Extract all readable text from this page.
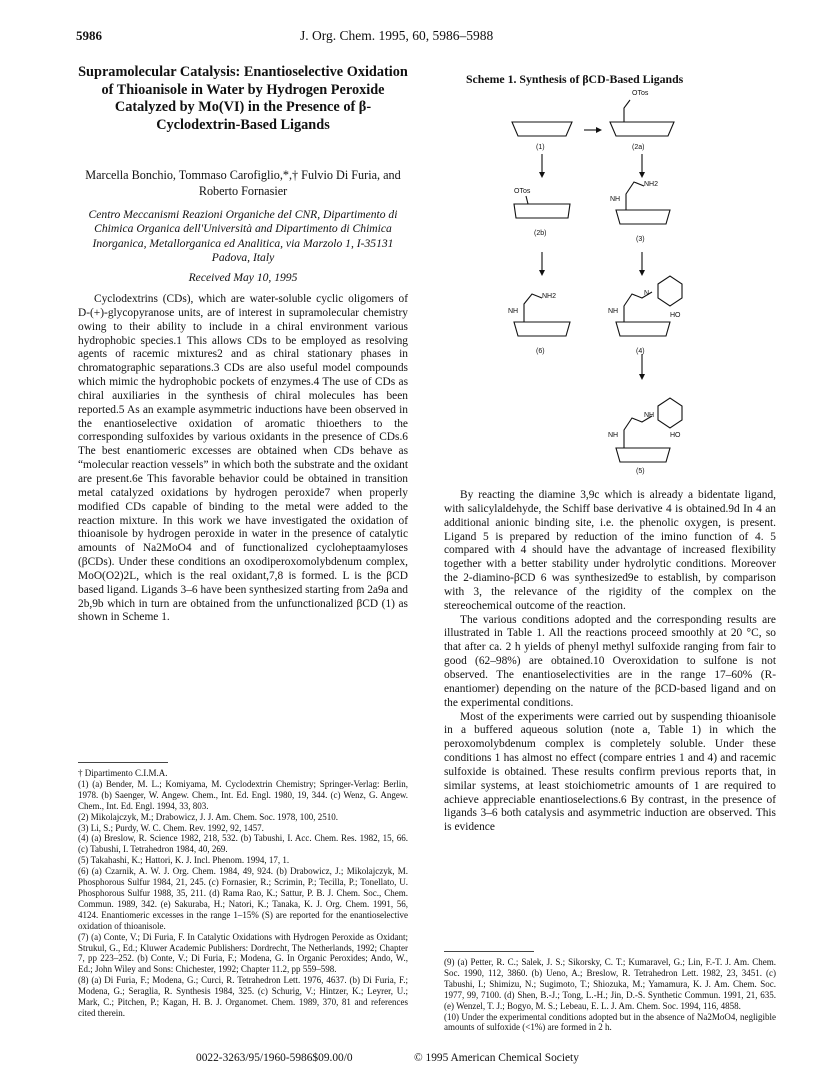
5986	J. Org. Chem. 1995, 60, 5986–5988
Supramolecular Catalysis: Enantioselective Oxidation of Thioanisole in Water by Hydrogen Peroxide Catalyzed by Mo(VI) in the Presence of β-Cyclodextrin-Based Ligands
Marcella Bonchio, Tommaso Carofiglio,*,† Fulvio Di Furia, and Roberto Fornasier
Centro Meccanismi Reazioni Organiche del CNR, Dipartimento di Chimica Organica dell'Università and Dipartimento di Chimica Inorganica, Metallorganica ed Analitica, via Marzolo 1, I-35131 Padova, Italy
Received May 10, 1995
Cyclodextrins (CDs), which are water-soluble cyclic oligomers of D-(+)-glycopyranose units, are of interest in supramolecular chemistry owing to their ability to include in a chiral environment various hydrophobic species.1 This allows CDs to be employed as resolving agents of racemic mixtures2 and as chiral stationary phases in chromatographic separations.3 CDs are also useful model compounds which mimic the hydrophobic pockets of enzymes.4 The use of CDs as chiral auxiliaries in the synthesis of chiral molecules has been reported.5 As an example asymmetric inductions have been observed in the enantioselective oxidation of aromatic thioethers to the corresponding sulfoxides by various oxidants in the presence of CDs.6 The best enantiomeric excesses are obtained when CDs behave as “molecular reaction vessels” in which both the substrate and the oxidant are present.6e This favorable behavior could be obtained in transition metal catalyzed oxidations by hydrogen peroxide7 when properly modified CDs capable of binding to the metal were added to the reaction mixture. In this work we have investigated the oxidation of thioanisole by hydrogen peroxide in water in the presence of catalytic amounts of Na2MoO4 and of functionalized cycloheptaamyloses (βCDs). Under these conditions an oxodiperoxomolybdenum complex, MoO(O2)2L, which is the real oxidant,7,8 is formed. L is the βCD based ligand. Ligands 3–6 have been synthesized starting from 2a9a and 2b,9b which in turn are obtained from the unfunctionalized βCD (1) as shown in Scheme 1.
† Dipartimento C.I.M.A.
(1) (a) Bender, M. L.; Komiyama, M. Cyclodextrin Chemistry; Springer-Verlag: Berlin, 1978. (b) Saenger, W. Angew. Chem., Int. Ed. Engl. 1980, 19, 344. (c) Wenz, G. Angew. Chem., Int. Ed. Engl. 1994, 33, 803.
(2) Mikolajczyk, M.; Drabowicz, J. J. Am. Chem. Soc. 1978, 100, 2510.
(3) Li, S.; Purdy, W. C. Chem. Rev. 1992, 92, 1457.
(4) (a) Breslow, R. Science 1982, 218, 532. (b) Tabushi, I. Acc. Chem. Res. 1982, 15, 66. (c) Tabushi, I. Tetrahedron 1984, 40, 269.
(5) Takahashi, K.; Hattori, K. J. Incl. Phenom. 1994, 17, 1.
(6) (a) Czarnik, A. W. J. Org. Chem. 1984, 49, 924. (b) Drabowicz, J.; Mikolajczyk, M. Phosphorous Sulfur 1984, 21, 245. (c) Fornasier, R.; Scrimin, P.; Tecilla, P.; Tonellato, U. Phosphorous Sulfur 1988, 35, 211. (d) Rama Rao, K.; Sattur, P. B. J. Chem. Soc., Chem. Commun. 1989, 342. (e) Sakuraba, H.; Natori, K.; Tanaka, K. J. Org. Chem. 1991, 56, 4124. Enantiomeric excesses in the range 1–15% (S) are reported for the enantioselective oxidation of thioanisole.
(7) (a) Conte, V.; Di Furia, F. In Catalytic Oxidations with Hydrogen Peroxide as Oxidant; Strukul, G., Ed.; Kluwer Academic Publishers: Dordrecht, The Netherlands, 1992; Chapter 7, pp 223–252. (b) Conte, V.; Di Furia, F.; Modena, G. In Organic Peroxides; Ando, W., Ed.; John Wiley and Sons: Chichester, 1992; Chapter 11.2, pp 559–598.
(8) (a) Di Furia, F.; Modena, G.; Curci, R. Tetrahedron Lett. 1976, 4637. (b) Di Furia, F.; Modena, G.; Seraglia, R. Synthesis 1984, 325. (c) Schurig, V.; Hintzer, K.; Leyrer, U.; Mark, C.; Pitchen, P.; Kagan, H. B. J. Organomet. Chem. 1989, 370, 81 and references cited therein.
Scheme 1. Synthesis of βCD-Based Ligands
(1)	(2a)
OTos
OTos
(2b)
NH2
NH
(3)
NH2
NH
(6)
N
NH
HO
(4)
NH
NH	HO
(5)

By reacting the diamine 3,9c which is already a bidentate ligand, with salicylaldehyde, the Schiff base derivative 4 is obtained.9d In 4 an additional anionic binding site, i.e. the phenolic oxygen, is present. Ligand 5 is prepared by reduction of the imino function of 4. 5 compared with 4 should have the advantage of increased flexibility together with a better stability under hydrolytic conditions. Moreover the 2-diamino-βCD 6 was synthesized9e to establish, by comparison with 3, the relevance of the rigidity of the complex on the stereochemical outcome of the reaction.

The various conditions adopted and the corresponding results are illustrated in Table 1. All the reactions proceed smoothly at 20 °C, so that after ca. 2 h yields of phenyl methyl sulfoxide ranging from fair to good (62–98%) are obtained.10 Overoxidation to sulfone is not observed. The enantioselectivities are in the range 17–60% (R-enantiomer) depending on the nature of the βCD-based ligand and on the experimental conditions.

Most of the experiments were carried out by suspending thioanisole in a buffered aqueous solution (note a, Table 1) in which the peroxomolybdenum complex is completely soluble. Under these conditions 1 has almost no effect (compare entries 1 and 4) and racemic sulfoxide is obtained. These results confirm previous reports that, in similar systems, at least stoichiometric amounts of 1 are required to achieve appreciable enantioselections.6 By contrast, in the presence of ligands 3–6 both catalysis and asymmetric induction are observed. This is evidence

(9) (a) Petter, R. C.; Salek, J. S.; Sikorsky, C. T.; Kumaravel, G.; Lin, F.-T. J. Am. Chem. Soc. 1990, 112, 3860. (b) Ueno, A.; Breslow, R. Tetrahedron Lett. 1982, 23, 3451. (c) Tabushi, I.; Shimizu, N.; Sugimoto, T.; Shiozuka, M.; Yamamura, K. J. Am. Chem. Soc. 1977, 99, 7100. (d) Shen, B.-J.; Tong, L.-H.; Jin, D.-S. Synthetic Commun. 1991, 21, 635. (e) Wenzel, T. J.; Bogyo, M. S.; Lebeau, E. L. J. Am. Chem. Soc. 1994, 116, 4858.
(10) Under the experimental conditions adopted but in the absence of Na2MoO4, negligible amounts of sulfoxide (<1%) are formed in 2 h.
0022-3263/95/1960-5986$09.00/0	© 1995 American Chemical Society
